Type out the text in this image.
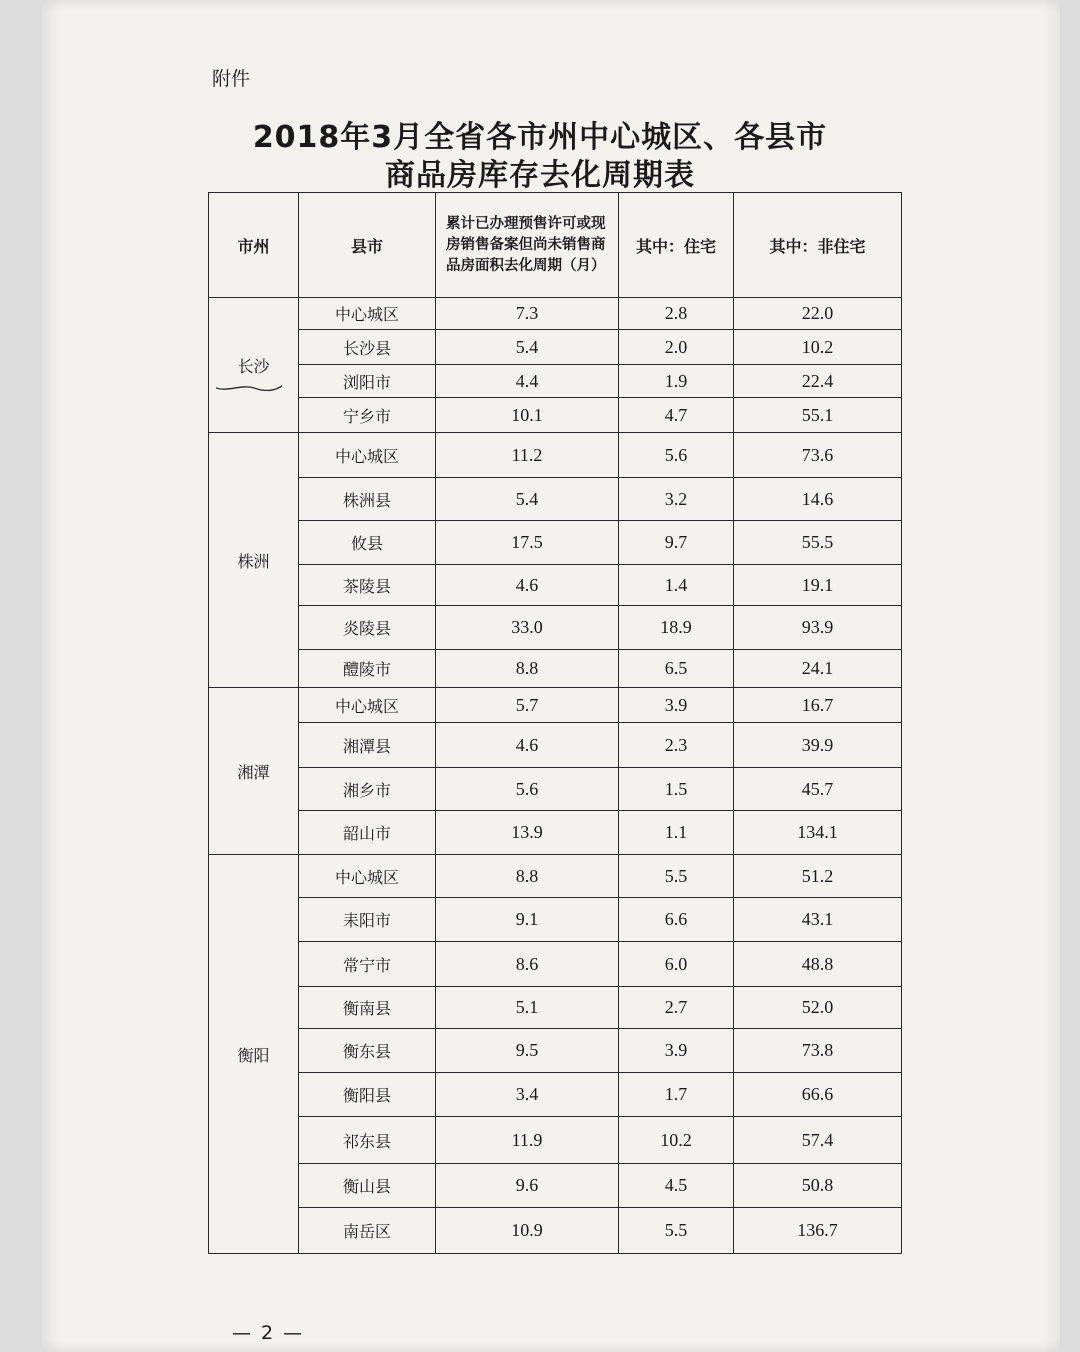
附件
2018年3月全省各市州中心城区、各县市
商品房库存去化周期表
市州	县市	累计已办理预售许可或现房销售备案但尚未销售商品房面积去化周期（月）	其中：住宅	其中：非住宅
长沙	中心城区	7.3	2.8	22.0
	长沙县	5.4	2.0	10.2
	浏阳市	4.4	1.9	22.4
	宁乡市	10.1	4.7	55.1
株洲	中心城区	11.2	5.6	73.6
	株洲县	5.4	3.2	14.6
	攸县	17.5	9.7	55.5
	茶陵县	4.6	1.4	19.1
	炎陵县	33.0	18.9	93.9
	醴陵市	8.8	6.5	24.1
湘潭	中心城区	5.7	3.9	16.7
	湘潭县	4.6	2.3	39.9
	湘乡市	5.6	1.5	45.7
	韶山市	13.9	1.1	134.1
衡阳	中心城区	8.8	5.5	51.2
	耒阳市	9.1	6.6	43.1
	常宁市	8.6	6.0	48.8
	衡南县	5.1	2.7	52.0
	衡东县	9.5	3.9	73.8
	衡阳县	3.4	1.7	66.6
	祁东县	11.9	10.2	57.4
	衡山县	9.6	4.5	50.8
	南岳区	10.9	5.5	136.7
— 2 —
